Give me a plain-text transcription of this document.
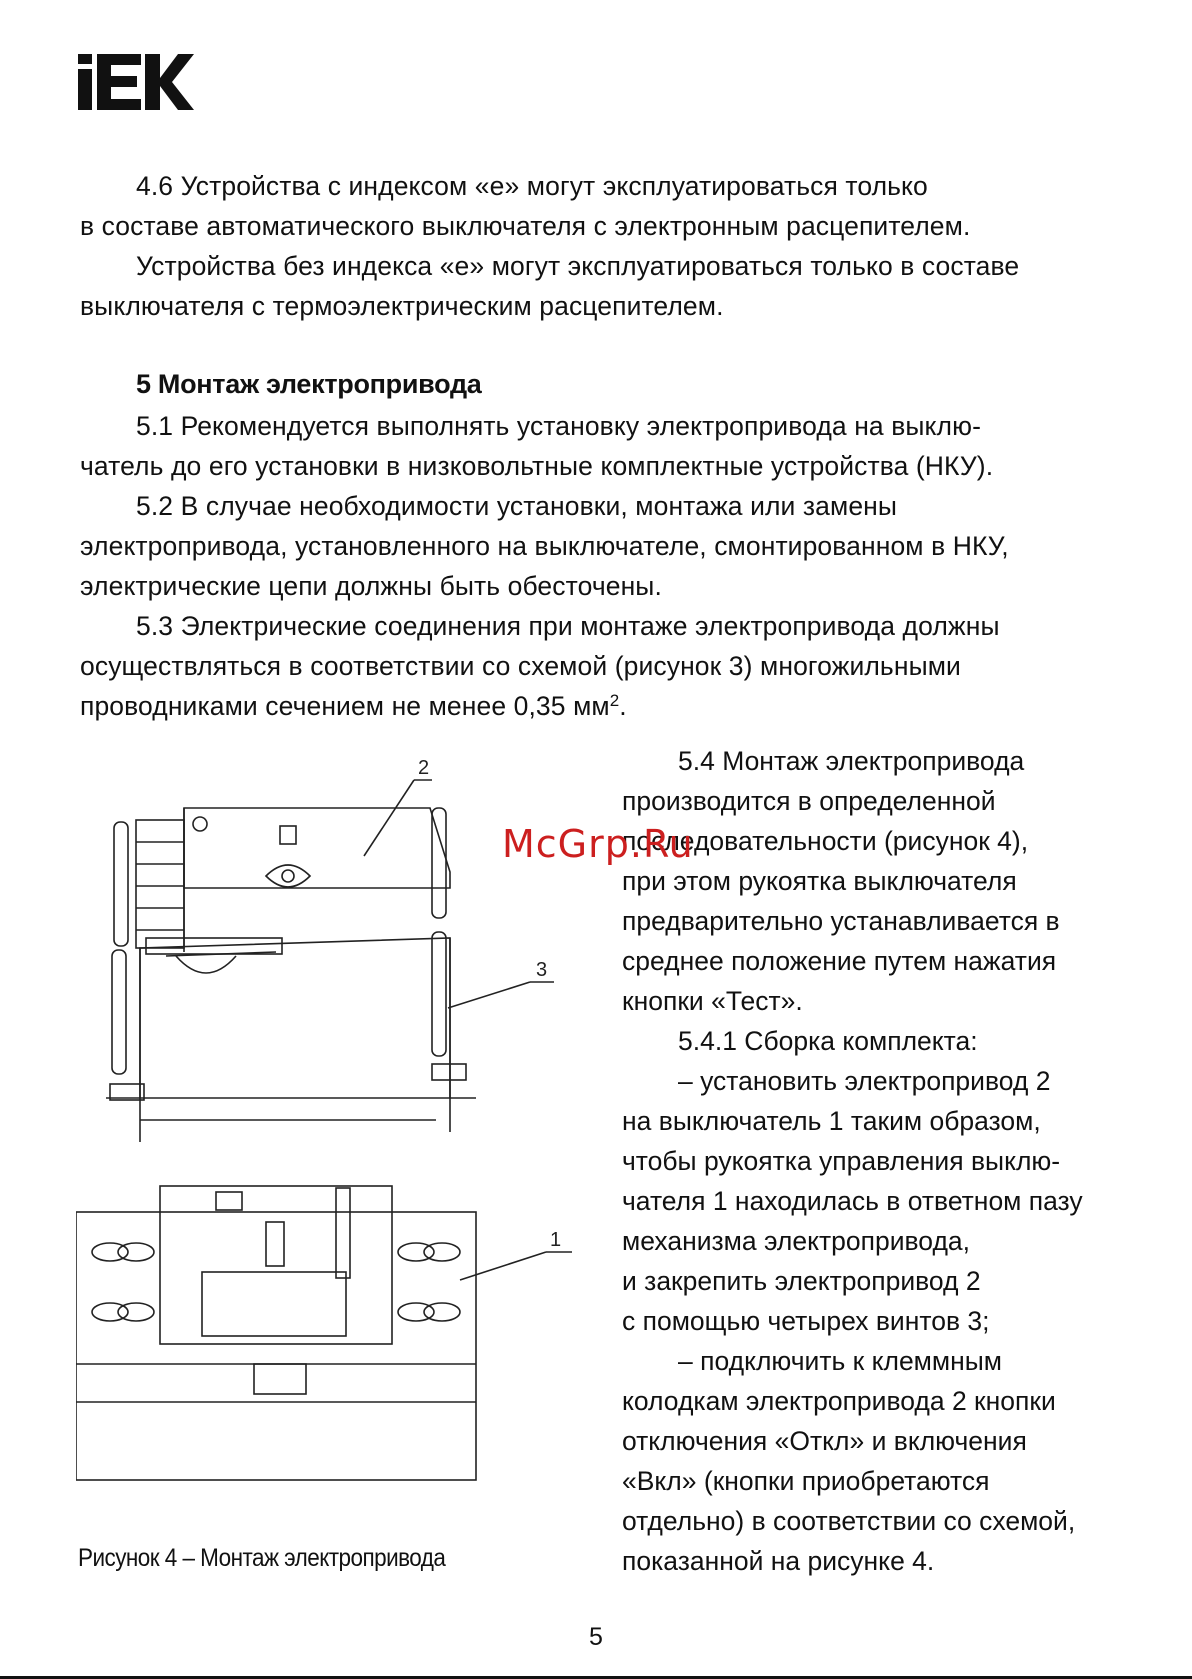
4.6 Устройства с индексом «е» могут эксплуатироваться только
в составе автоматического выключателя с электронным расцепителем.

Устройства без индекса «е» могут эксплуатироваться только в составе
выключателя с термоэлектрическим расцепителем.

5 Монтаж электропривода

5.1 Рекомендуется выполнять установку электропривода на выклю-
чатель до его установки в низковольтные комплектные устройства (НКУ).

5.2 В случае необходимости установки, монтажа или замены
электропривода, установленного на выключателе, смонтированном в НКУ,
электрические цепи должны быть обесточены.

5.3 Электрические соединения при монтаже электропривода должны
осуществляться в соответствии со схемой (рисунок 3) многожильными
проводниками сечением не менее 0,35 $мм^2$.

2
3
1

Рисунок 4 – Монтаж электропривода

5.4 Монтаж электропривода
производится в определенной
последовательности (рисунок 4),
при этом рукоятка выключателя
предварительно устанавливается в
среднее положение путем нажатия
кнопки «Тест».
5.4.1 Сборка комплекта:
– установить электропривод 2
на выключатель 1 таким образом,
чтобы рукоятка управления выклю-
чателя 1 находилась в ответном пазу
механизма электропривода,
и закрепить электропривод 2
с помощью четырех винтов 3;
– подключить к клеммным
колодкам электропривода 2 кнопки
отключения «Откл» и включения
«Вкл» (кнопки приобретаются
отдельно) в соответствии со схемой,
показанной на рисунке 4.

McGrp.Ru

5
